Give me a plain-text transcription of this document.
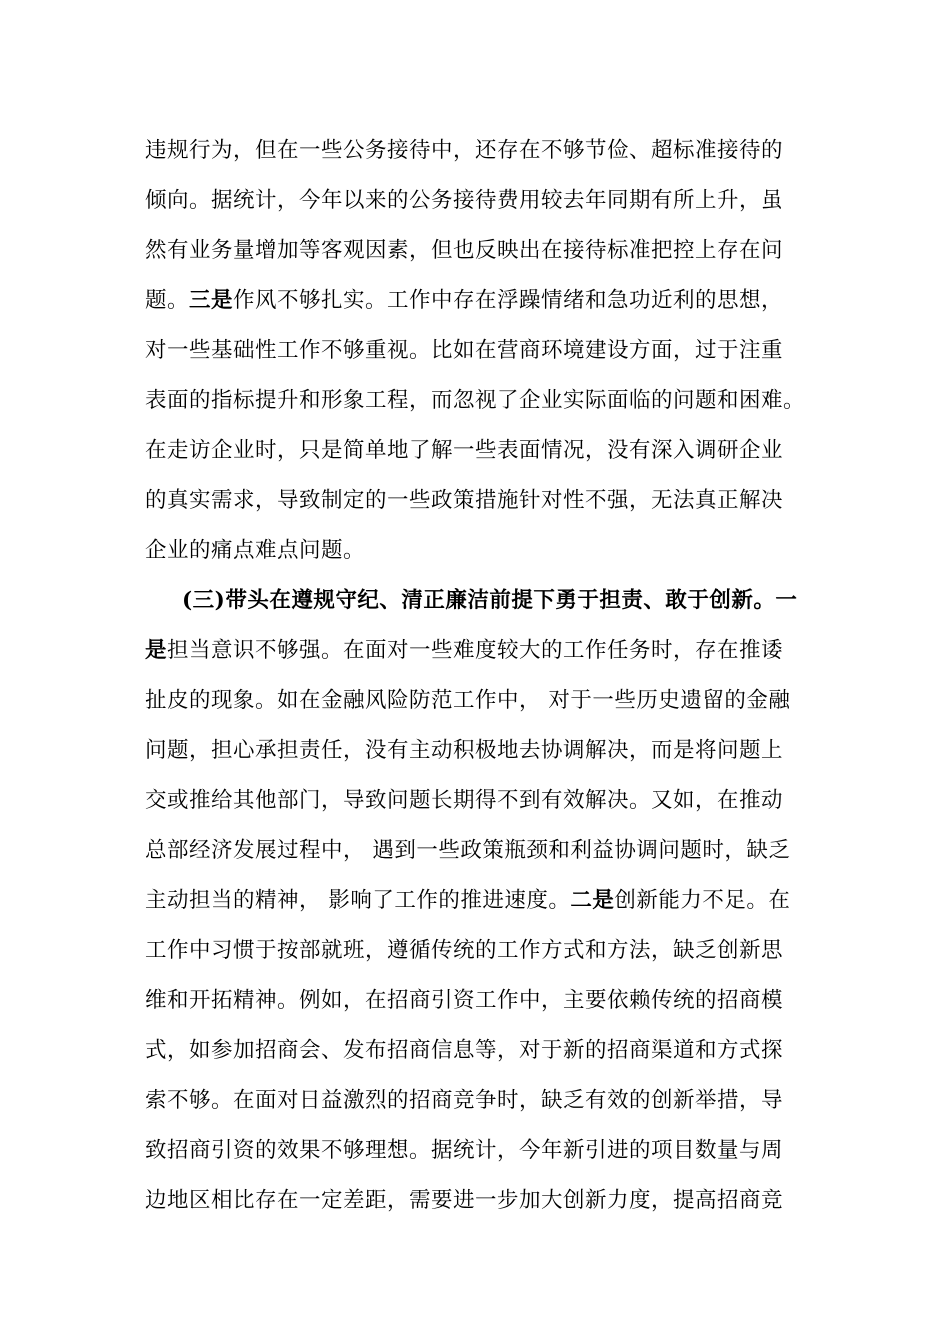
违规行为，但在一些公务接待中，还存在不够节俭、超标准接待的
倾向。据统计，今年以来的公务接待费用较去年同期有所上升，虽
然有业务量增加等客观因素，但也反映出在接待标准把控上存在问
题。三是作风不够扎实。工作中存在浮躁情绪和急功近利的思想，
对一些基础性工作不够重视。比如在营商环境建设方面，过于注重
表面的指标提升和形象工程，而忽视了企业实际面临的问题和困难。
在走访企业时，只是简单地了解一些表面情况，没有深入调研企业
的真实需求，导致制定的一些政策措施针对性不强，无法真正解决
企业的痛点难点问题。
(三)带头在遵规守纪、清正廉洁前提下勇于担责、敢于创新。一
是担当意识不够强。在面对一些难度较大的工作任务时，存在推诿
扯皮的现象。如在金融风险防范工作中， 对于一些历史遗留的金融
问题，担心承担责任，没有主动积极地去协调解决，而是将问题上
交或推给其他部门，导致问题长期得不到有效解决。又如，在推动
总部经济发展过程中， 遇到一些政策瓶颈和利益协调问题时，缺乏
主动担当的精神， 影响了工作的推进速度。二是创新能力不足。在
工作中习惯于按部就班，遵循传统的工作方式和方法，缺乏创新思
维和开拓精神。例如，在招商引资工作中，主要依赖传统的招商模
式，如参加招商会、发布招商信息等，对于新的招商渠道和方式探
索不够。在面对日益激烈的招商竞争时，缺乏有效的创新举措，导
致招商引资的效果不够理想。据统计，今年新引进的项目数量与周
边地区相比存在一定差距，需要进一步加大创新力度，提高招商竞
